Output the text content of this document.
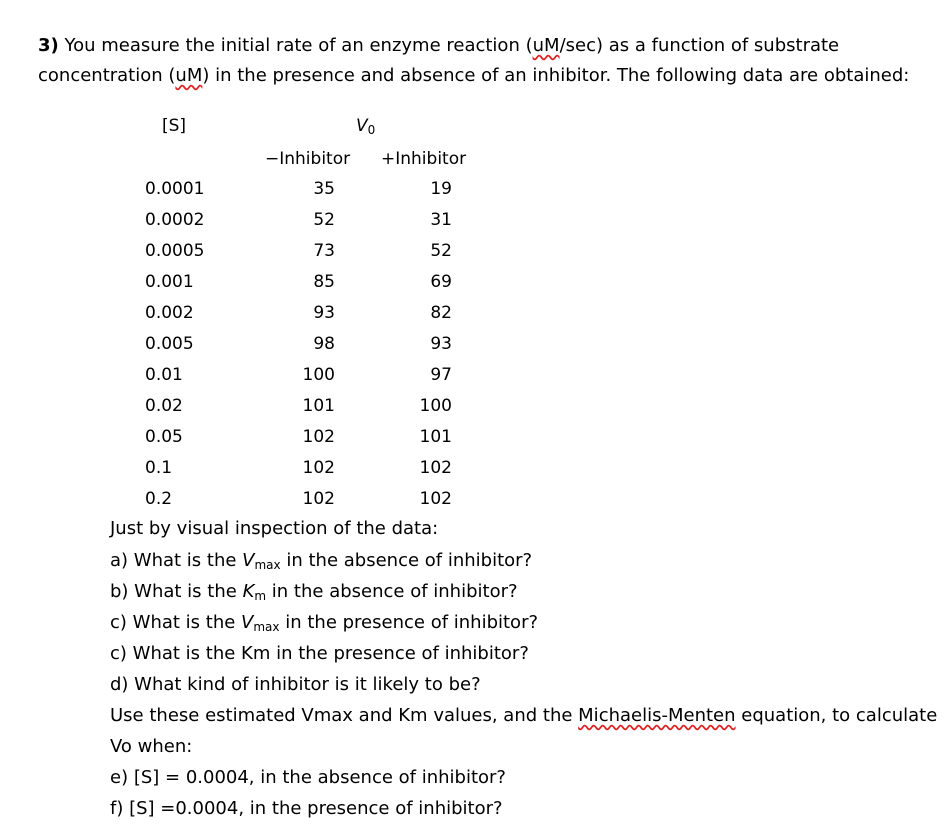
3) You measure the initial rate of an enzyme reaction (uM/sec) as a function of substrate
concentration (uM) in the presence and absence of an inhibitor. The following data are obtained:
[S]	$V_0$
−Inhibitor +Inhibitor
0.0001	35	19
0.0002	52	31
0.0005	73	52
0.001	85	69
0.002	93	82
0.005	98	93
0.01	100	97
0.02	101	100
0.05	102	101
0.1	102	102
0.2	102	102
Just by visual inspection of the data:
a) What is the $V_{max}$ in the absence of inhibitor?
b) What is the $K_m$ in the absence of inhibitor?
c) What is the $V_{max}$ in the presence of inhibitor?
c) What is the Km in the presence of inhibitor?
d) What kind of inhibitor is it likely to be?
Use these estimated Vmax and Km values, and the Michaelis-Menten equation, to calculate
Vo when:
e) [S] = 0.0004, in the absence of inhibitor?
f) [S] =0.0004, in the presence of inhibitor?
